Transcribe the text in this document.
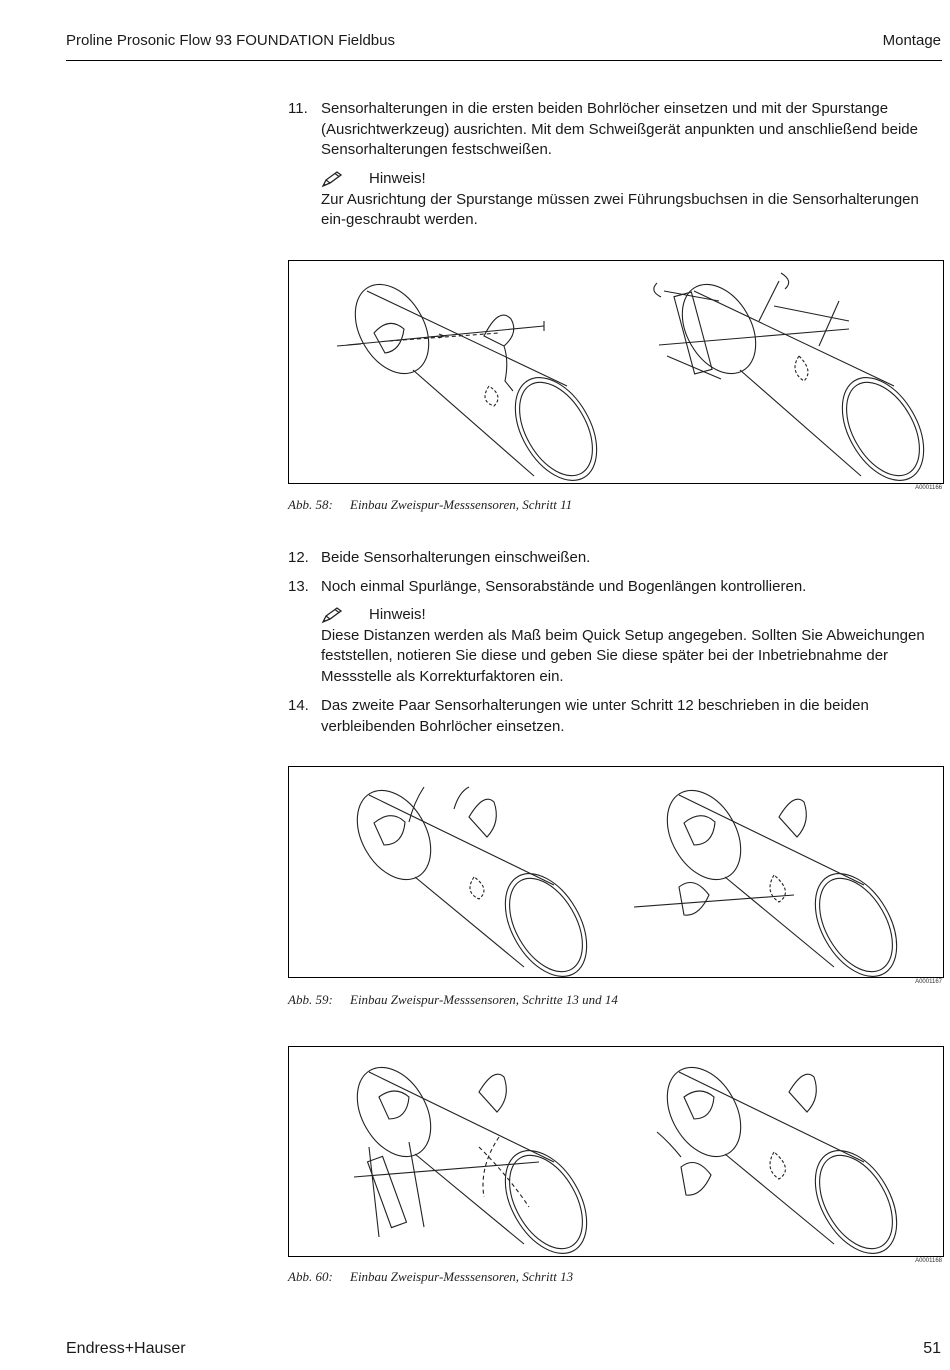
Proline Prosonic Flow 93 FOUNDATION Fieldbus	Montage
11. Sensorhalterungen in die ersten beiden Bohrlöcher einsetzen und mit der Spurstange (Ausrichtwerkzeug) ausrichten. Mit dem Schweißgerät anpunkten und anschließend beide Sensorhalterungen festschweißen.
Hinweis!
Zur Ausrichtung der Spurstange müssen zwei Führungsbuchsen in die Sensorhalterungen ein-geschraubt werden.
A0001166
Abb. 58: Einbau Zweispur-Messsensoren, Schritt 11
12. Beide Sensorhalterungen einschweißen.
13. Noch einmal Spurlänge, Sensorabstände und Bogenlängen kontrollieren.
Hinweis!
Diese Distanzen werden als Maß beim Quick Setup angegeben. Sollten Sie Abweichungen feststellen, notieren Sie diese und geben Sie diese später bei der Inbetriebnahme der Messstelle als Korrekturfaktoren ein.
14. Das zweite Paar Sensorhalterungen wie unter Schritt 12 beschrieben in die beiden verbleibenden Bohrlöcher einsetzen.
A0001167
Abb. 59: Einbau Zweispur-Messsensoren, Schritte 13 und 14
A0001168
Abb. 60: Einbau Zweispur-Messsensoren, Schritt 13
Endress+Hauser	51
